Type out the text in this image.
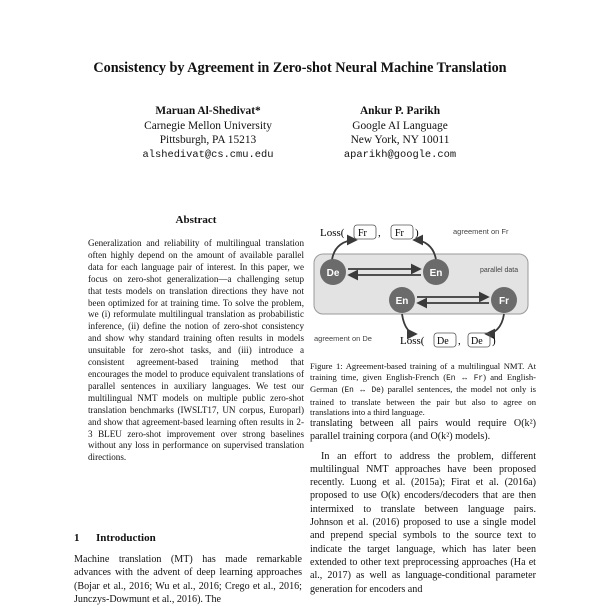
Consistency by Agreement in Zero-shot Neural Machine Translation
Maruan Al-Shedivat*
Carnegie Mellon University
Pittsburgh, PA 15213
alshedivat@cs.cmu.edu
Ankur P. Parikh
Google AI Language
New York, NY 10011
aparikh@google.com
Abstract

Generalization and reliability of multilingual translation often highly depend on the amount of available parallel data for each language pair of interest. In this paper, we focus on zero-shot generalization—a challenging setup that tests models on translation directions they have not been optimized for at training time. To solve the problem, we (i) reformulate multilingual translation as probabilistic inference, (ii) define the notion of zero-shot consistency and show why standard training often results in models unsuitable for zero-shot tasks, and (iii) introduce a consistent agreement-based training method that encourages the model to produce equivalent translations of parallel sentences in auxiliary languages. We test our multilingual NMT models on multiple public zero-shot translation benchmarks (IWSLT17, UN corpus, Europarl) and show that agreement-based learning often results in 2-3 BLEU zero-shot improvement over strong baselines without any loss in performance on supervised translation directions.

1 Introduction

Machine translation (MT) has made remarkable advances with the advent of deep learning approaches (Bojar et al., 2016; Wu et al., 2016; Crego et al., 2016; Junczys-Dowmunt et al., 2016). The

Loss( Fr , Fr )	agreement on Fr
parallel data
agreement on De
De	En
En	Fr
Loss( De , De )
Figure 1: Agreement-based training of a multilingual NMT. At training time, given English-French (En ↔ Fr) and English-German (En ↔ De) parallel sentences, the model not only is trained to translate between the pair but also to agree on translations into a third language.

translating between all pairs would require O(k²) parallel training corpora (and O(k²) models).

In an effort to address the problem, different multilingual NMT approaches have been proposed recently. Luong et al. (2015a); Firat et al. (2016a) proposed to use O(k) encoders/decoders that are then intermixed to translate between language pairs. Johnson et al. (2016) proposed to use a single model and prepend special symbols to the source text to indicate the target language, which has later been extended to other text preprocessing approaches (Ha et al., 2017) as well as language-conditional parameter generation for encoders and
